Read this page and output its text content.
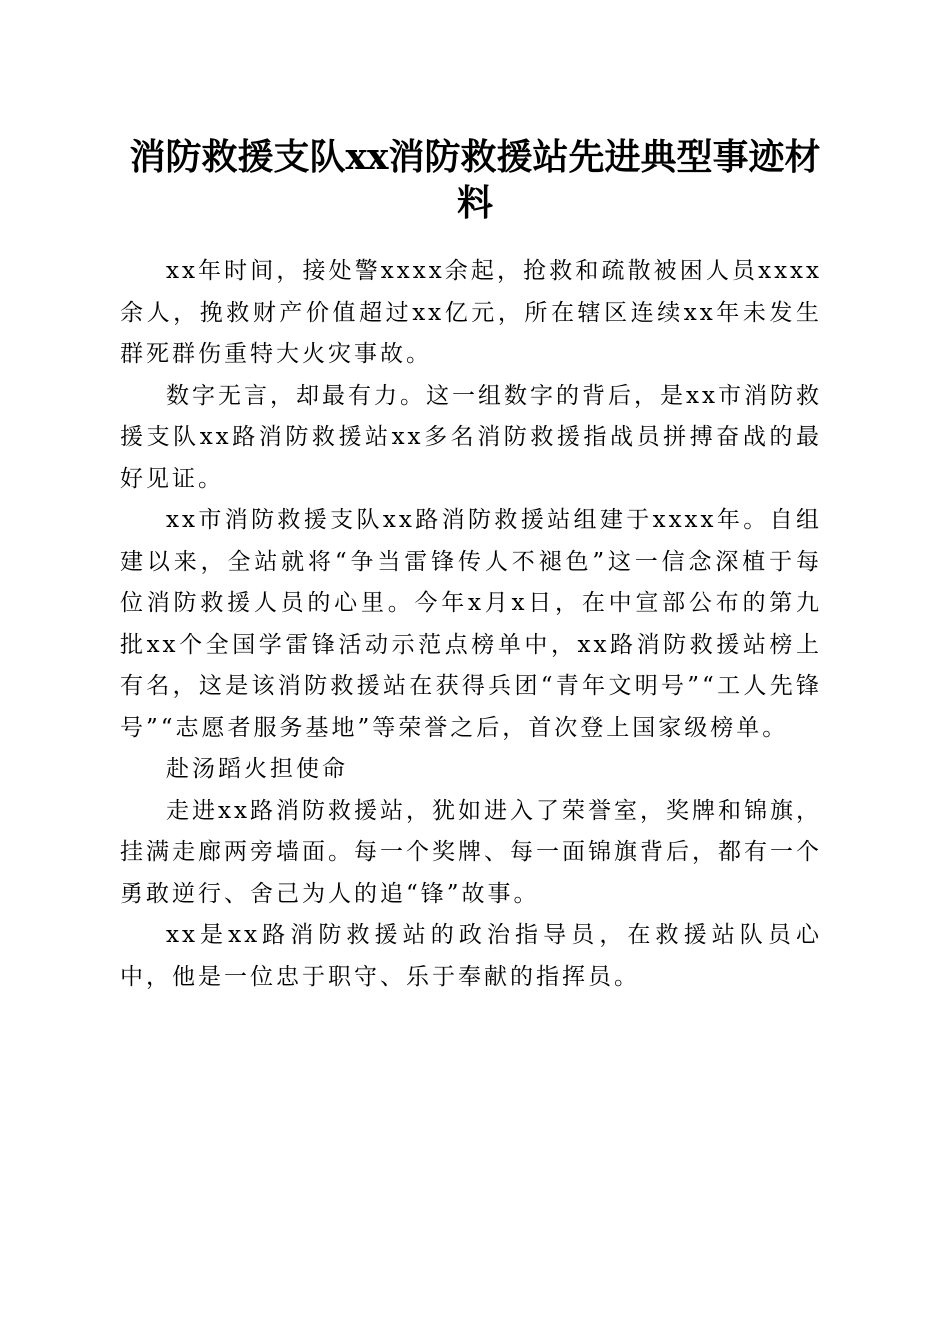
消防救援支队xx消防救援站先进典型事迹材料

xx年时间，接处警xxxx余起，抢救和疏散被困人员xxxx余人，挽救财产价值超过xx亿元，所在辖区连续xx年未发生群死群伤重特大火灾事故。

数字无言，却最有力。这一组数字的背后，是xx市消防救援支队xx路消防救援站xx多名消防救援指战员拼搏奋战的最好见证。

xx市消防救援支队xx路消防救援站组建于xxxx年。自组建以来，全站就将“争当雷锋传人不褪色”这一信念深植于每位消防救援人员的心里。今年x月x日，在中宣部公布的第九批xx个全国学雷锋活动示范点榜单中，xx路消防救援站榜上有名，这是该消防救援站在获得兵团“青年文明号”“工人先锋号”“志愿者服务基地”等荣誉之后，首次登上国家级榜单。

赴汤蹈火担使命

走进xx路消防救援站，犹如进入了荣誉室，奖牌和锦旗，挂满走廊两旁墙面。每一个奖牌、每一面锦旗背后，都有一个勇敢逆行、舍己为人的追“锋”故事。

xx是xx路消防救援站的政治指导员，在救援站队员心中，他是一位忠于职守、乐于奉献的指挥员。
